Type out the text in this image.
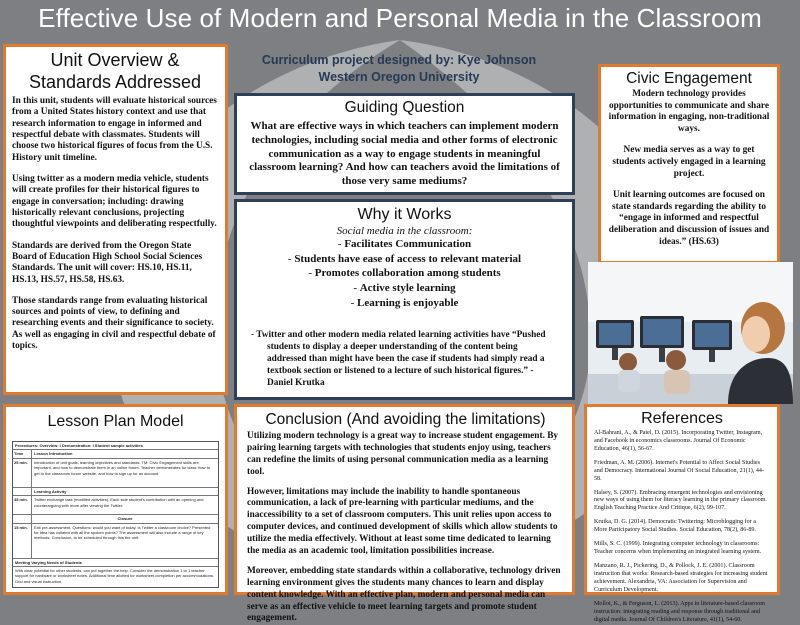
Effective Use of Modern and Personal Media in the Classroom
Unit Overview & Standards Addressed

In this unit, students will evaluate historical sources from a United States history context and use that research information to engage in informed and respectful debate with classmates. Students will choose two historical figures of focus from the U.S. History unit timeline.

Using twitter as a modern media vehicle, students will create profiles for their historical figures to engage in conversation; including: drawing historically relevant conclusions, projecting thoughtful viewpoints and deliberating respectfully.

Standards are derived from the Oregon State Board of Education High School Social Sciences Standards. The unit will cover: HS.10, HS.11, HS.13, HS.57, HS.58, HS.63.

Those standards range from evaluating historical sources and points of view, to defining and researching events and their significance to society. As well as engaging in civil and respectful debate of topics.

Lesson Plan Model
Procedures: Overview: I Demonstration: I Student sample activities
Time	Lesson Introduction
25 min.	Introduction of unit goals, learning objectives and standards. TM: Civic Engagement skills are important, and how to demonstrate them in an online forum. Teacher demonstrates for class How to get to the classroom forum website, and how to sign up for an account.
Learning Activity
45 min.	Twitter exchange task (modified activities). Each side student's contribution with an opening and counterarguing with more after viewing the Twitter.
Closure
15 min.	Exit pre-assessment. Questions: would you want of today. Is Twitter a classroom choice? Presented for idea has collated with all the spoken points? The assessment will also include a range of key methods. Conclusion, to be scheduled through this the unit.
Meeting Varying Needs of Students
With clear potential for other students, can put together the help. Consider the demonstration 1 to 1 teacher support for hardware or worksheet notes. Additional time allotted for worksheet completion per accommodations. Grid and visual instruction.
Curriculum project designed by: Kye Johnson
Western Oregon University
Guiding Question
What are effective ways in which teachers can implement modern technologies, including social media and other forms of electronic communication as a way to engage students in meaningful classroom learning? And how can teachers avoid the limitations of those very same mediums?
Why it Works
Social media in the classroom:
- Facilitates Communication
- Students have ease of access to relevant material
- Promotes collaboration among students
- Active style learning
- Learning is enjoyable
- Twitter and other modern media related learning activities have “Pushed students to display a deeper understanding of the content being addressed than might have been the case if students had simply read a textbook section or listened to a lecture of such historical figures.” - Daniel Krutka
Conclusion (And avoiding the limitations)

Utilizing modern technology is a great way to increase student engagement. By pairing learning targets with technologies that students enjoy using, teachers can redefine the limits of using personal communication media as a learning tool.

However, limitations may include the inability to handle spontaneous communication, a lack of pre-learning with particular mediums, and the inaccessibility to a set of classroom computers. This unit relies upon access to computer devices, and continued development of skills which allow students to utilize the media effectively. Without at least some time dedicated to learning the media as an academic tool, limitation possibilities increase.

Moreover, embedding state standards within a collaborative, technology driven learning environment gives the students many chances to learn and display content knowledge. With an effective plan, modern and personal media can serve as an effective vehicle to meet learning targets and promote student engagement.

Civic Engagement

Modern technology provides opportunities to communicate and share information in engaging, non-traditional ways.

New media serves as a way to get students actively engaged in a learning project.

Unit learning outcomes are focused on state standards regarding the ability to “engage in informed and respectful deliberation and discussion of issues and ideas.” (HS.63)

References

Al-Bahrani, A., & Patel, D. (2015). Incorporating Twitter, Instagram, and Facebook in economics classrooms. Journal Of Economic Education, 46(1), 56-67.

Friedman, A. M. (2006). Internet's Potential to Affect Social Studies and Democracy. International Journal Of Social Education, 21(1), 44-58.

Halsey, S. (2007). Embracing emergent technologies and envisioning new ways of using them for literacy learning in the primary classroom. English Teaching Practice And Critique, 6(2), 99-107.

Krutka, D. G. (2014). Democratic Twittering: Microblogging for a More Participatory Social Studies. Social Education, 78(2), 86-89.

Mills, S. C. (1999). Integrating computer technology in classrooms: Teacher concerns when implementing an integrated learning system.

Manzano, R. J., Pickering, D., & Pollock, J. E. (2001). Classroom instruction that works: Research-based strategies for increasing student achievement. Alexandria, VA: Association for Supervision and Curriculum Development.

Mollot, K., & Ferguson, L. (2013). Apps in literature-based classroom instruction: integrating reading and response through traditional and digital media. Journal Of Children's Literature, 41(1), 54-60.
